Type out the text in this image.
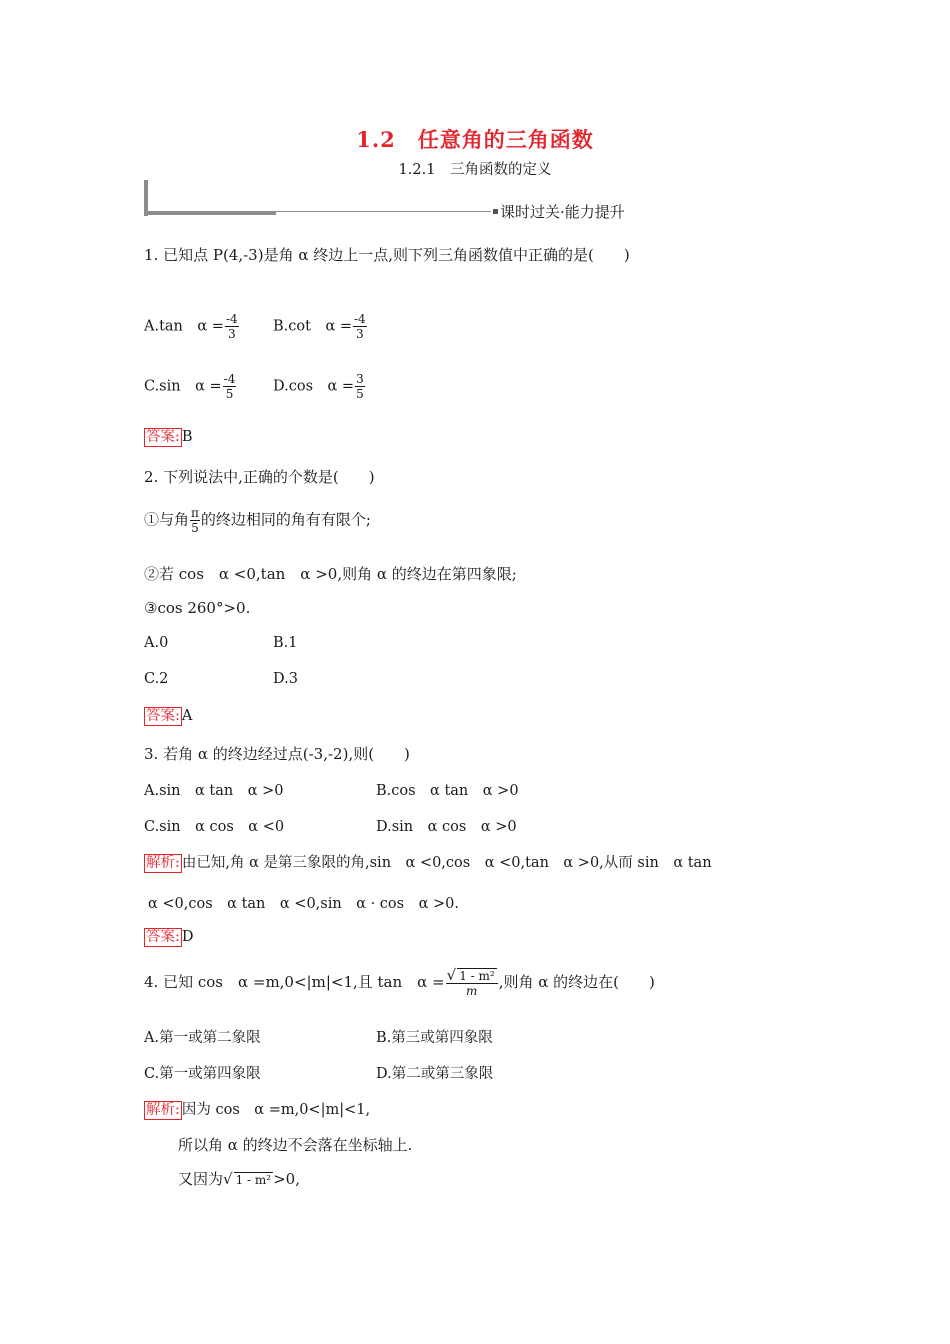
1.2　任意角的三角函数
1.2.1　三角函数的定义
课时过关·能力提升
1. 已知点 P(4,-3)是角 α 终边上一点,则下列三角函数值中正确的是(　　)
A.tan　$\alpha = \frac{-4}{3} B.\cot$　$\alpha = \frac{-4}{3}$
C.sin　$\alpha = \frac{-4}{5}$	D.cos　$\alpha = \frac{3}{5}$
答案: B
2. 下列说法中,正确的个数是(　　)
①与角 $\frac{\pi}{5}$ 的终边相同的角有有限个;
②若 cos　α <0,tan　α >0,则角 α 的终边在第四象限;
③cos 260°>0.
A.0	B.1
C.2	D.3
答案: A
3. 若角 α 的终边经过点(-3,-2),则(　　)
A.sin　α tan　α >0	B.cos　α tan　α >0
C.sin　α cos　α <0	D.sin　α cos　α >0
解析: 由已知,角 α 是第三象限的角,sin　α <0,cos　α <0,tan　α >0,从而 sin　α tan
α <0,cos　α tan　α <0,sin　α · cos　α >0.
答案: D
4. 已知 cos　α =m,0<|m|<1,且 tan　$\alpha = \frac{\text{√ 1 - m²}}{m}$ ,则角 α 的终边在(　　)
A.第一或第二象限	B.第三或第四象限
C.第一或第四象限	D.第二或第三象限
解析: 因为 cos　α =m,0<|m|<1,
所以角 α 的终边不会落在坐标轴上.
又因为√ 1 - m² >0,
